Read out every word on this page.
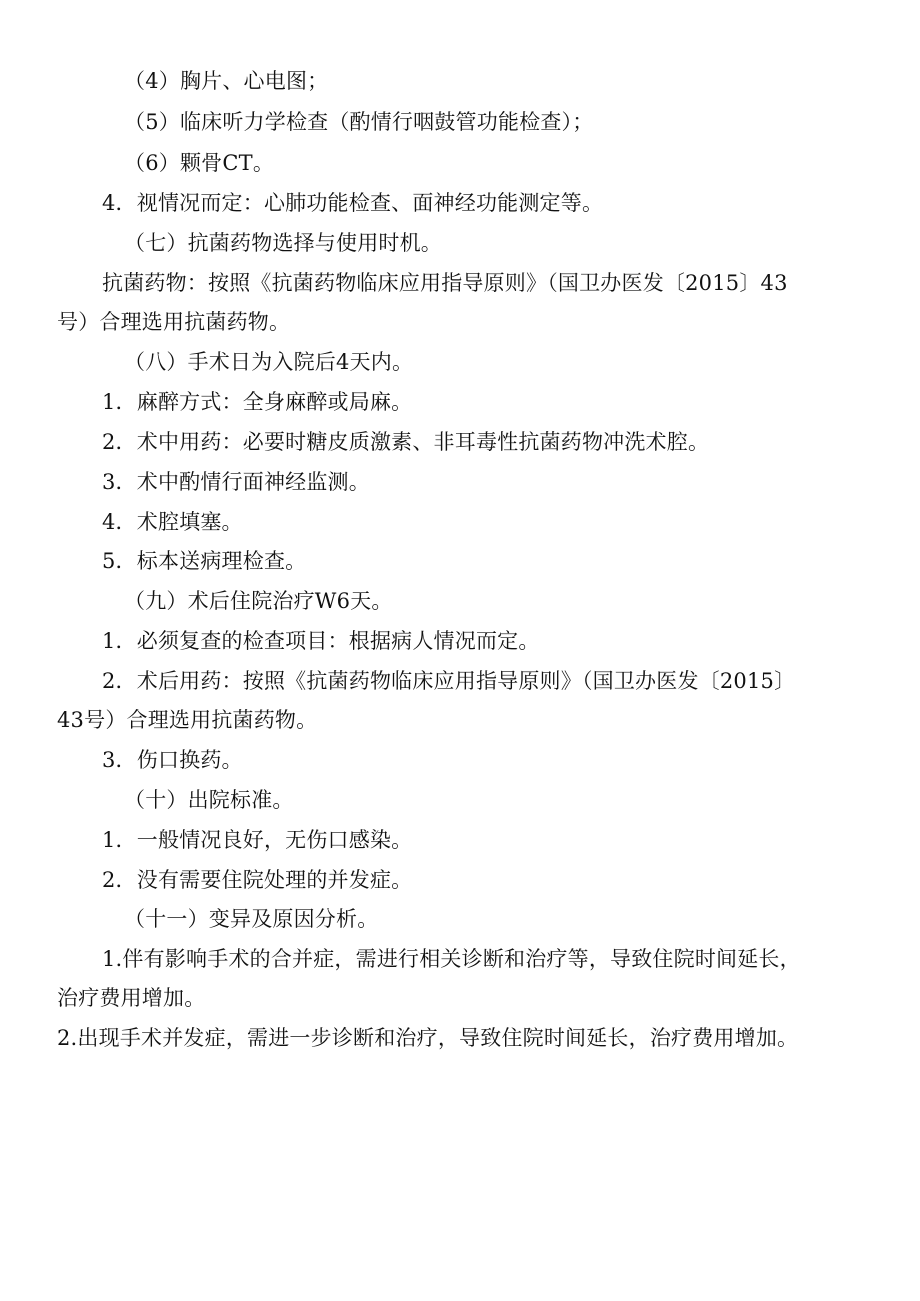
（4）胸片、心电图；
（5）临床听力学检查（酌情行咽鼓管功能检查）；
（6）颗骨CT。
4．视情况而定：心肺功能检查、面神经功能测定等。
（七）抗菌药物选择与使用时机。
抗菌药物：按照《抗菌药物临床应用指导原则》（国卫办医发〔2015〕43
号）合理选用抗菌药物。
（八）手术日为入院后4天内。
1．麻醉方式：全身麻醉或局麻。
2．术中用药：必要时糖皮质激素、非耳毒性抗菌药物冲洗术腔。
3．术中酌情行面神经监测。
4．术腔填塞。
5．标本送病理检查。
（九）术后住院治疗W6天。
1．必须复查的检查项目：根据病人情况而定。
2．术后用药：按照《抗菌药物临床应用指导原则》（国卫办医发〔2015〕
43号）合理选用抗菌药物。
3．伤口换药。
（十）出院标准。
1．一般情况良好，无伤口感染。
2．没有需要住院处理的并发症。
（十一）变异及原因分析。
1.伴有影响手术的合并症，需进行相关诊断和治疗等，导致住院时间延长，
治疗费用增加。
2.出现手术并发症，需进一步诊断和治疗，导致住院时间延长，治疗费用增加。
